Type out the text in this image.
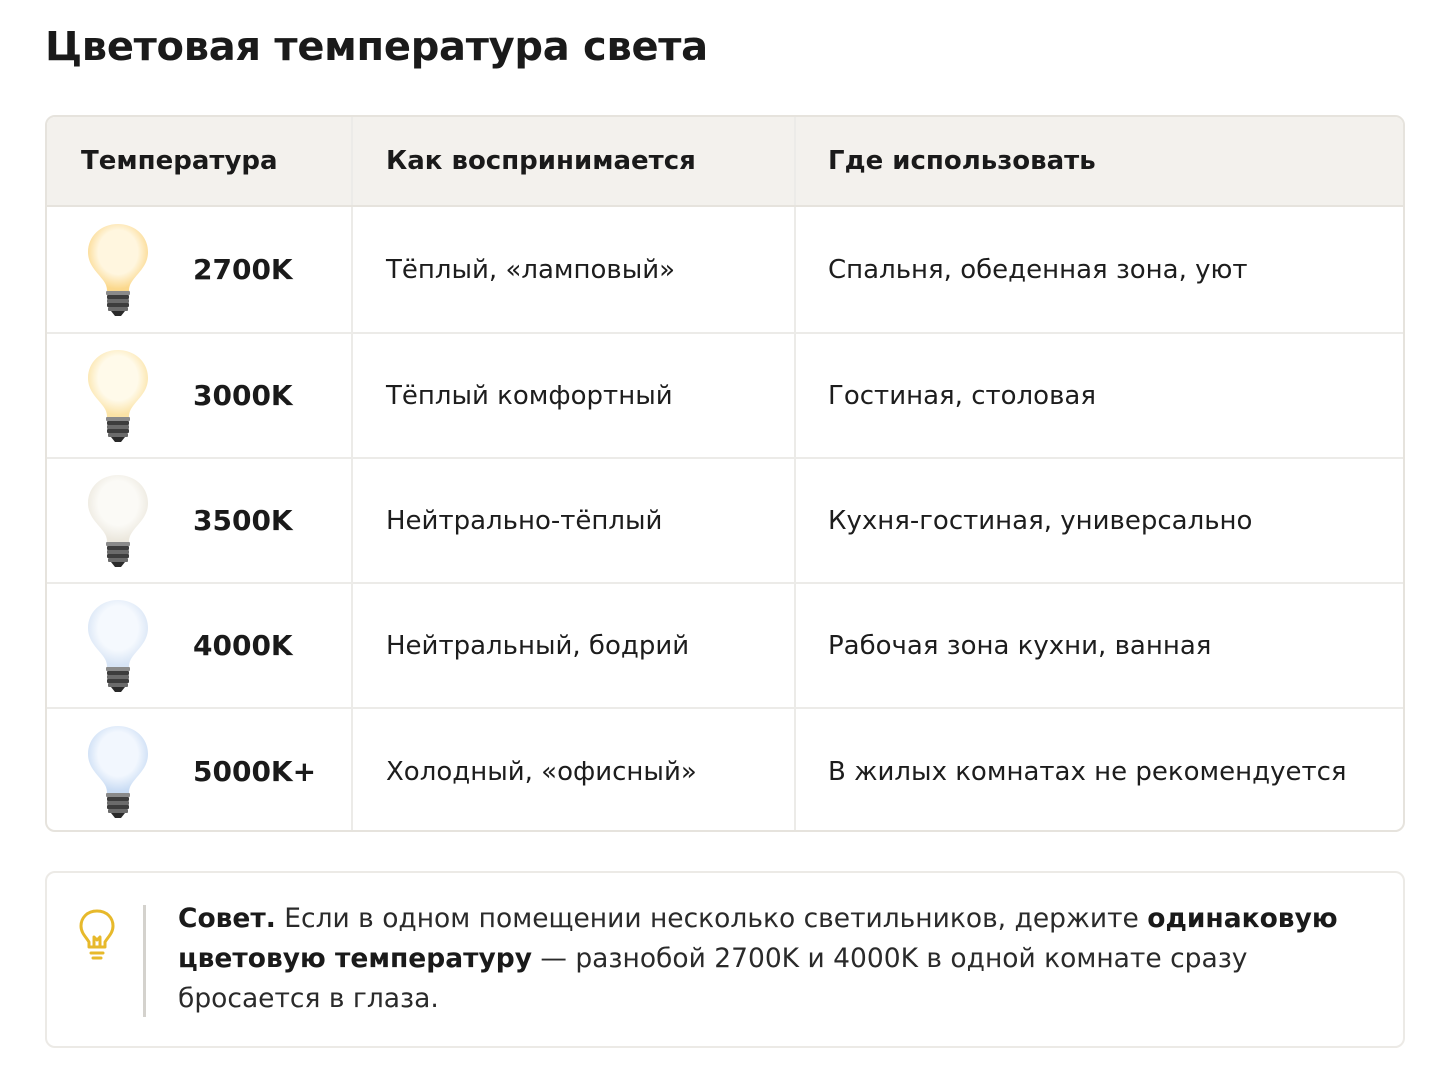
Цветовая температура света
Температура	Как воспринимается	Где использовать
2700K	Тёплый, «ламповый»	Спальня, обеденная зона, уют
3000K	Тёплый комфортный	Гостиная, столовая
3500K	Нейтрально-тёплый	Кухня-гостиная, универсально
4000K	Нейтральный, бодрий	Рабочая зона кухни, ванная
5000K+	Холодный, «офисный»	В жилых комнатах не рекомендуется
Совет. Если в одном помещении несколько светильников, держите одинаковую цветовую температуру — разнобой 2700K и 4000K в одной комнате сразу бросается в глаза.
